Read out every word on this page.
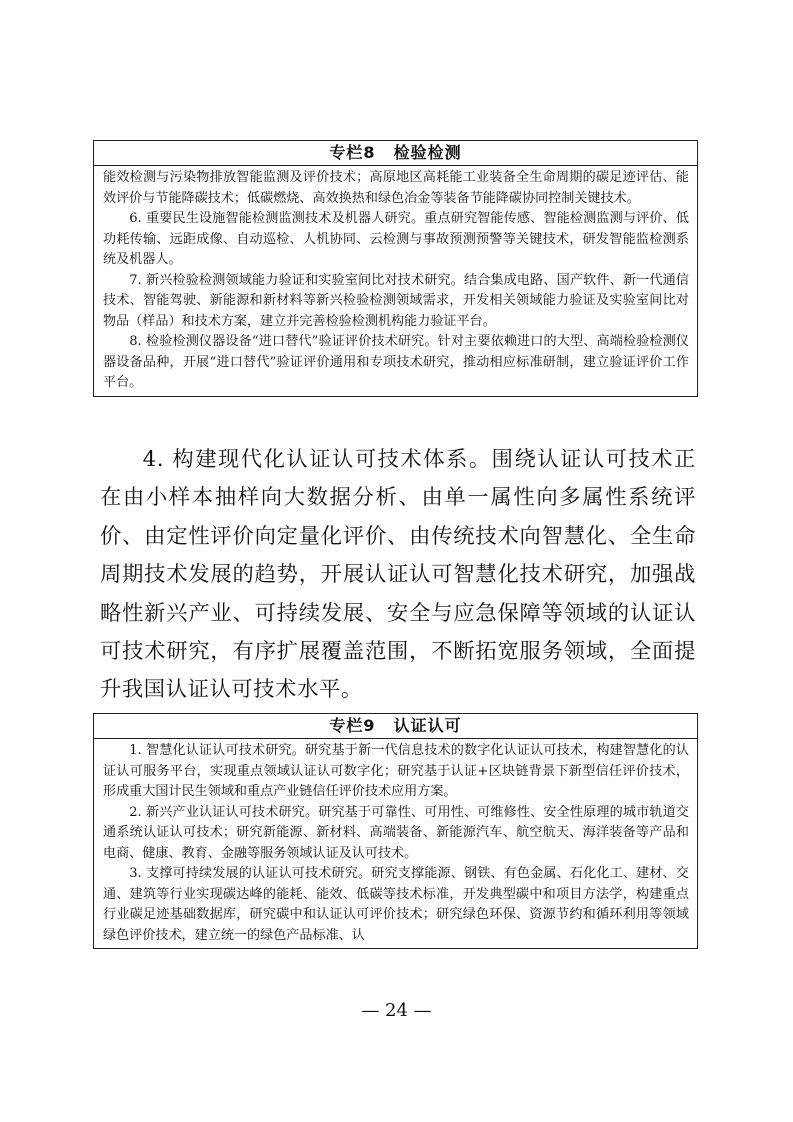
专栏8 检验检测

能效检测与污染物排放智能监测及评价技术；高原地区高耗能工业装备全生命周期的碳足迹评估、能效评价与节能降碳技术；低碳燃烧、高效换热和绿色冶金等装备节能降碳协同控制关键技术。

6. 重要民生设施智能检测监测技术及机器人研究。重点研究智能传感、智能检测监测与评价、低功耗传输、远距成像、自动巡检、人机协同、云检测与事故预测预警等关键技术，研发智能监检测系统及机器人。

7. 新兴检验检测领域能力验证和实验室间比对技术研究。结合集成电路、国产软件、新一代通信技术、智能驾驶、新能源和新材料等新兴检验检测领域需求，开发相关领域能力验证及实验室间比对物品（样品）和技术方案，建立并完善检验检测机构能力验证平台。

8. 检验检测仪器设备“进口替代”验证评价技术研究。针对主要依赖进口的大型、高端检验检测仪器设备品种，开展“进口替代”验证评价通用和专项技术研究，推动相应标准研制，建立验证评价工作平台。

4. 构建现代化认证认可技术体系。围绕认证认可技术正在由小样本抽样向大数据分析、由单一属性向多属性系统评价、由定性评价向定量化评价、由传统技术向智慧化、全生命周期技术发展的趋势，开展认证认可智慧化技术研究，加强战略性新兴产业、可持续发展、安全与应急保障等领域的认证认可技术研究，有序扩展覆盖范围，不断拓宽服务领域，全面提升我国认证认可技术水平。

专栏9 认证认可

1. 智慧化认证认可技术研究。研究基于新一代信息技术的数字化认证认可技术，构建智慧化的认证认可服务平台，实现重点领域认证认可数字化；研究基于认证+区块链背景下新型信任评价技术，形成重大国计民生领域和重点产业链信任评价技术应用方案。

2. 新兴产业认证认可技术研究。研究基于可靠性、可用性、可维修性、安全性原理的城市轨道交通系统认证认可技术；研究新能源、新材料、高端装备、新能源汽车、航空航天、海洋装备等产品和电商、健康、教育、金融等服务领域认证及认可技术。

3. 支撑可持续发展的认证认可技术研究。研究支撑能源、钢铁、有色金属、石化化工、建材、交通、建筑等行业实现碳达峰的能耗、能效、低碳等技术标准，开发典型碳中和项目方法学，构建重点行业碳足迹基础数据库，研究碳中和认证认可评价技术；研究绿色环保、资源节约和循环利用等领域绿色评价技术，建立统一的绿色产品标准、认

— 24 —
